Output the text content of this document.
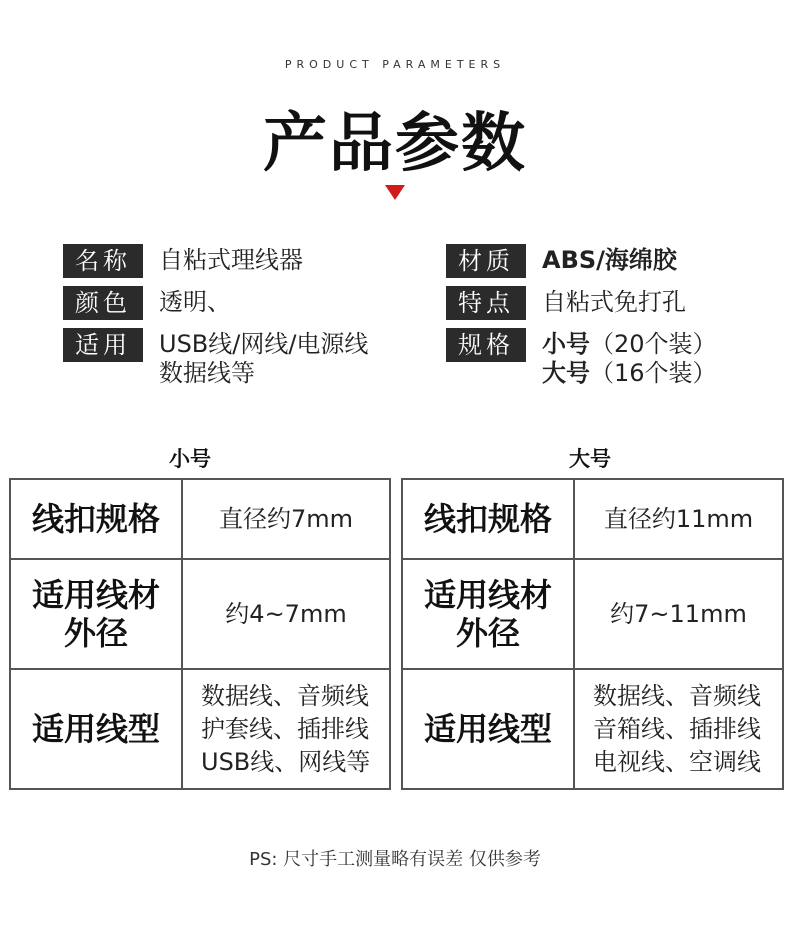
PRODUCT PARAMETERS
产品参数
名称	自粘式理线器
颜色	透明、
适用	USB线/网线/电源线
数据线等
材质	ABS/海绵胶
特点	自粘式免打孔
规格	小号（20个装）
大号（16个装）
小号
线扣规格	直径约7mm

适用线材
外径	约4~7mm
适用线型	数据线、音频线
护套线、插排线
USB线、网线等
大号
线扣规格	直径约11mm

适用线材
外径	约7~11mm
适用线型	数据线、音频线
音箱线、插排线
电视线、空调线
PS: 尺寸手工测量略有误差 仅供参考
